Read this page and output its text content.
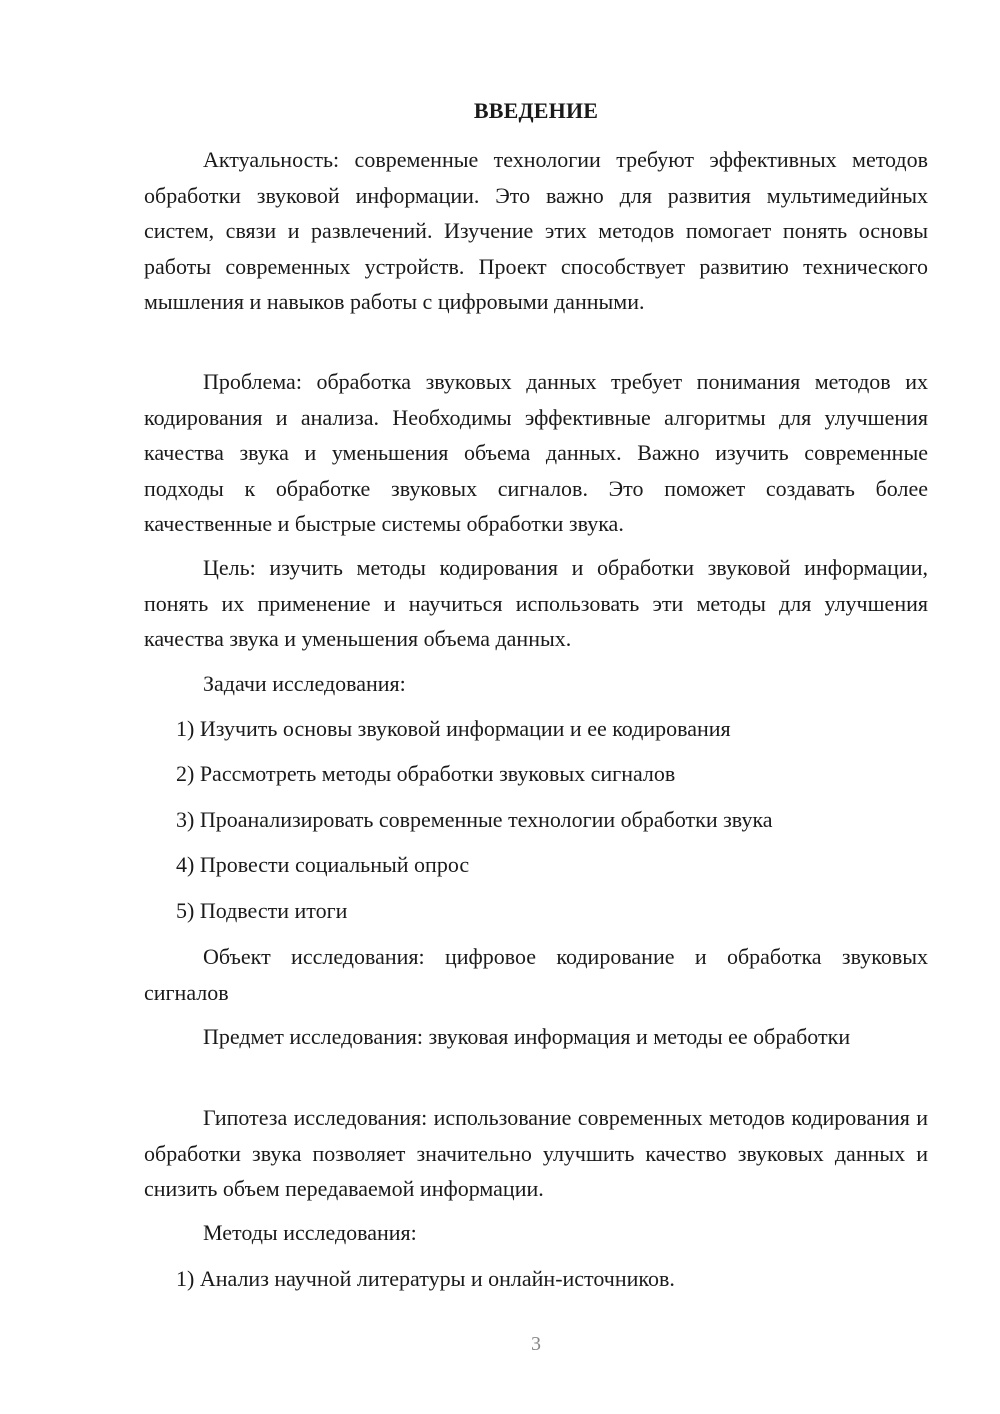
ВВЕДЕНИЕ

Актуальность: современные технологии требуют эффективных методов обработки звуковой информации. Это важно для развития мультимедийных систем, связи и развлечений. Изучение этих методов помогает понять основы работы современных устройств. Проект способствует развитию технического мышления и навыков работы с цифровыми данными.

Проблема: обработка звуковых данных требует понимания методов их кодирования и анализа. Необходимы эффективные алгоритмы для улучшения качества звука и уменьшения объема данных. Важно изучить современные подходы к обработке звуковых сигналов. Это поможет создавать более качественные и быстрые системы обработки звука.

Цель: изучить методы кодирования и обработки звуковой информации, понять их применение и научиться использовать эти методы для улучшения качества звука и уменьшения объема данных.

Задачи исследования:

1) Изучить основы звуковой информации и ее кодирования

2) Рассмотреть методы обработки звуковых сигналов

3) Проанализировать современные технологии обработки звука

4) Провести социальный опрос

5) Подвести итоги

Объект исследования: цифровое кодирование и обработка звуковых сигналов

Предмет исследования: звуковая информация и методы ее обработки

Гипотеза исследования: использование современных методов кодирования и обработки звука позволяет значительно улучшить качество звуковых данных и снизить объем передаваемой информации.

Методы исследования:

1) Анализ научной литературы и онлайн-источников.

3
